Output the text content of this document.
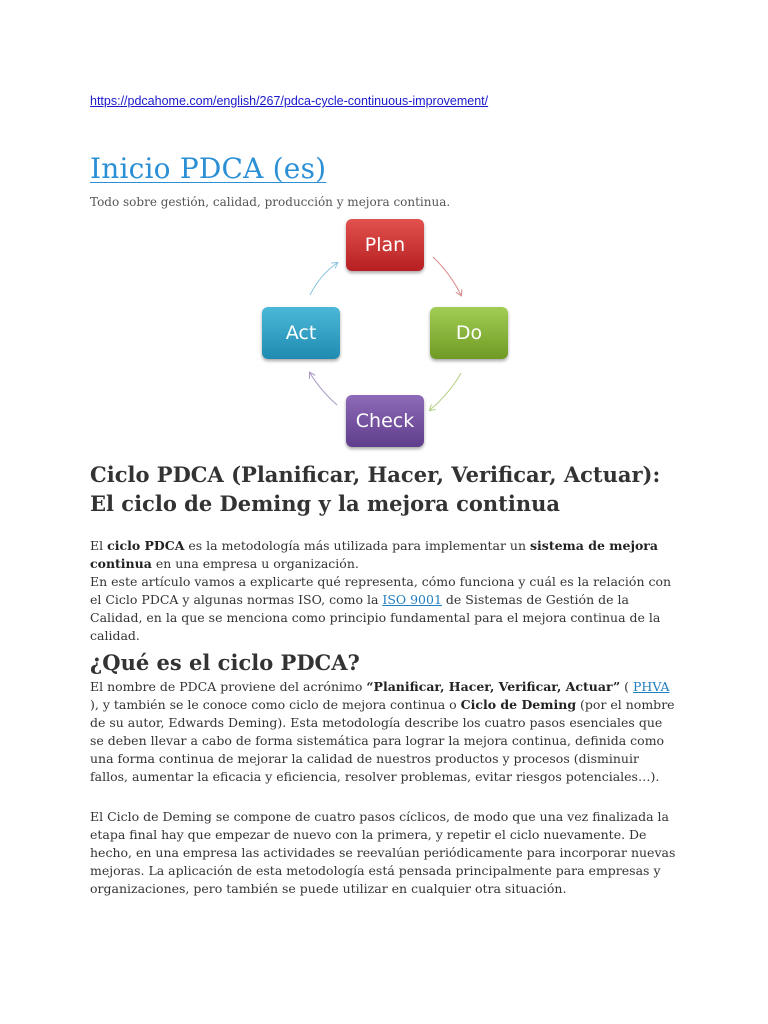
https://pdcahome.com/english/267/pdca-cycle-continuous-improvement/
Inicio PDCA (es)
Todo sobre gestión, calidad, producción y mejora continua.
Plan
Do
Check
Act
Ciclo PDCA (Planificar, Hacer, Verificar, Actuar): El ciclo de Deming y la mejora continua

El ciclo PDCA es la metodología más utilizada para implementar un sistema de mejora continua en una empresa u organización.

En este artículo vamos a explicarte qué representa, cómo funciona y cuál es la relación con el Ciclo PDCA y algunas normas ISO, como la ISO 9001 de Sistemas de Gestión de la Calidad, en la que se menciona como principio fundamental para el mejora continua de la calidad.

¿Qué es el ciclo PDCA?

El nombre de PDCA proviene del acrónimo “Planificar, Hacer, Verificar, Actuar” ( PHVA ), y también se le conoce como ciclo de mejora continua o Ciclo de Deming (por el nombre de su autor, Edwards Deming). Esta metodología describe los cuatro pasos esenciales que se deben llevar a cabo de forma sistemática para lograr la mejora continua, definida como una forma continua de mejorar la calidad de nuestros productos y procesos (disminuir fallos, aumentar la eficacia y eficiencia, resolver problemas, evitar riesgos potenciales…).

El Ciclo de Deming se compone de cuatro pasos cíclicos, de modo que una vez finalizada la etapa final hay que empezar de nuevo con la primera, y repetir el ciclo nuevamente. De hecho, en una empresa las actividades se reevalúan periódicamente para incorporar nuevas mejoras. La aplicación de esta metodología está pensada principalmente para empresas y organizaciones, pero también se puede utilizar en cualquier otra situación.
